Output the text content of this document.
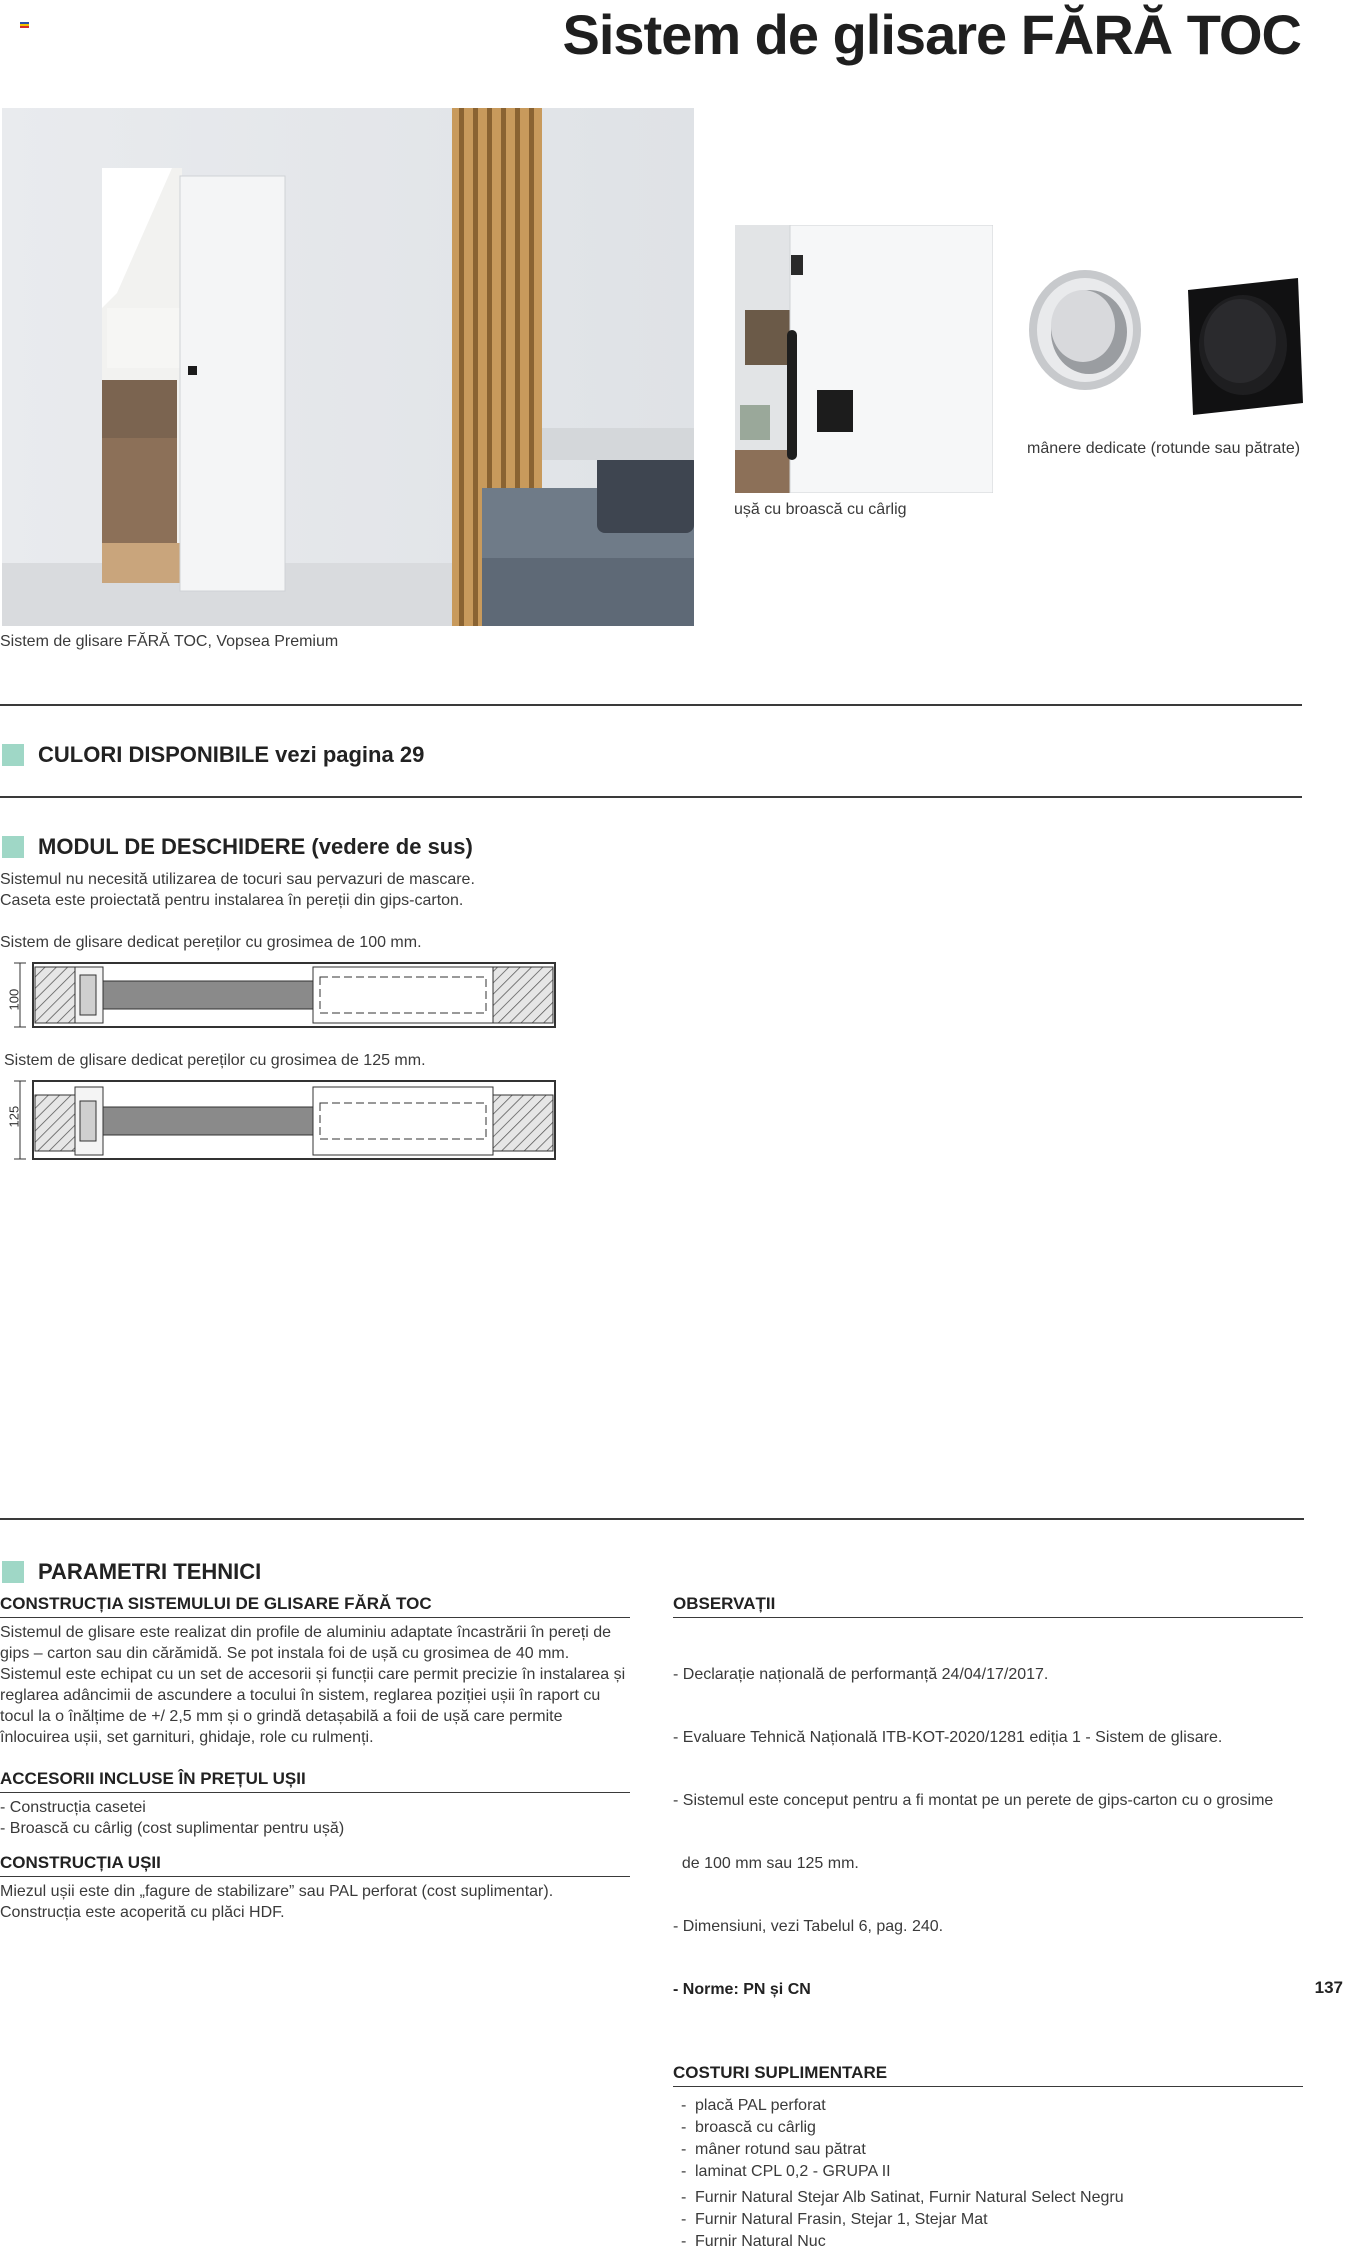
Sistem de glisare FĂRĂ TOC
Sistem de glisare FĂRĂ TOC, Vopsea Premium
ușă cu broască cu cârlig
mânere dedicate (rotunde sau pătrate)
CULORI DISPONIBILE vezi pagina 29
MODUL DE DESCHIDERE (vedere de sus)

Sistemul nu necesită utilizarea de tocuri sau pervazuri de mascare.

Caseta este proiectată pentru instalarea în pereții din gips-carton.

Sistem de glisare dedicat pereților cu grosimea de 100 mm.

100

Sistem de glisare dedicat pereților cu grosimea de 125 mm.

125
PARAMETRI TEHNICI
CONSTRUCȚIA SISTEMULUI DE GLISARE FĂRĂ TOC

Sistemul de glisare este realizat din profile de aluminiu adaptate încastrării în pereți de gips – carton sau din cărămidă. Se pot instala foi de ușă cu grosimea de 40 mm. Sistemul este echipat cu un set de accesorii și funcții care permit precizie în instalarea și reglarea adâncimii de ascundere a tocului în sistem, reglarea poziției ușii în raport cu tocul la o înălțime de +/ 2,5 mm și o grindă detașabilă a foii de ușă care permite înlocuirea ușii, set garnituri, ghidaje, role cu rulmenți.

ACCESORII INCLUSE ÎN PREȚUL UȘII
- Construcția casetei
- Broască cu cârlig (cost suplimentar pentru ușă)
CONSTRUCȚIA UȘII

Miezul ușii este din „fagure de stabilizare” sau PAL perforat (cost suplimentar). Construcția este acoperită cu plăci HDF.

OBSERVAȚII

- Declarație națională de performanță 24/04/17/2017.

- Evaluare Tehnică Națională ITB-KOT-2020/1281 ediția 1 - Sistem de glisare.

- Sistemul este conceput pentru a fi montat pe un perete de gips-carton cu o grosime

de 100 mm sau 125 mm.

- Dimensiuni, vezi Tabelul 6, pag. 240.

- Norme: PN și CN

COSTURI SUPLIMENTARE
- placă PAL perforat
- broască cu cârlig
- mâner rotund sau pătrat
- laminat CPL 0,2 - GRUPA II
- Furnir Natural Stejar Alb Satinat, Furnir Natural Select Negru
- Furnir Natural Frasin, Stejar 1, Stejar Mat
- Furnir Natural Nuc
137
